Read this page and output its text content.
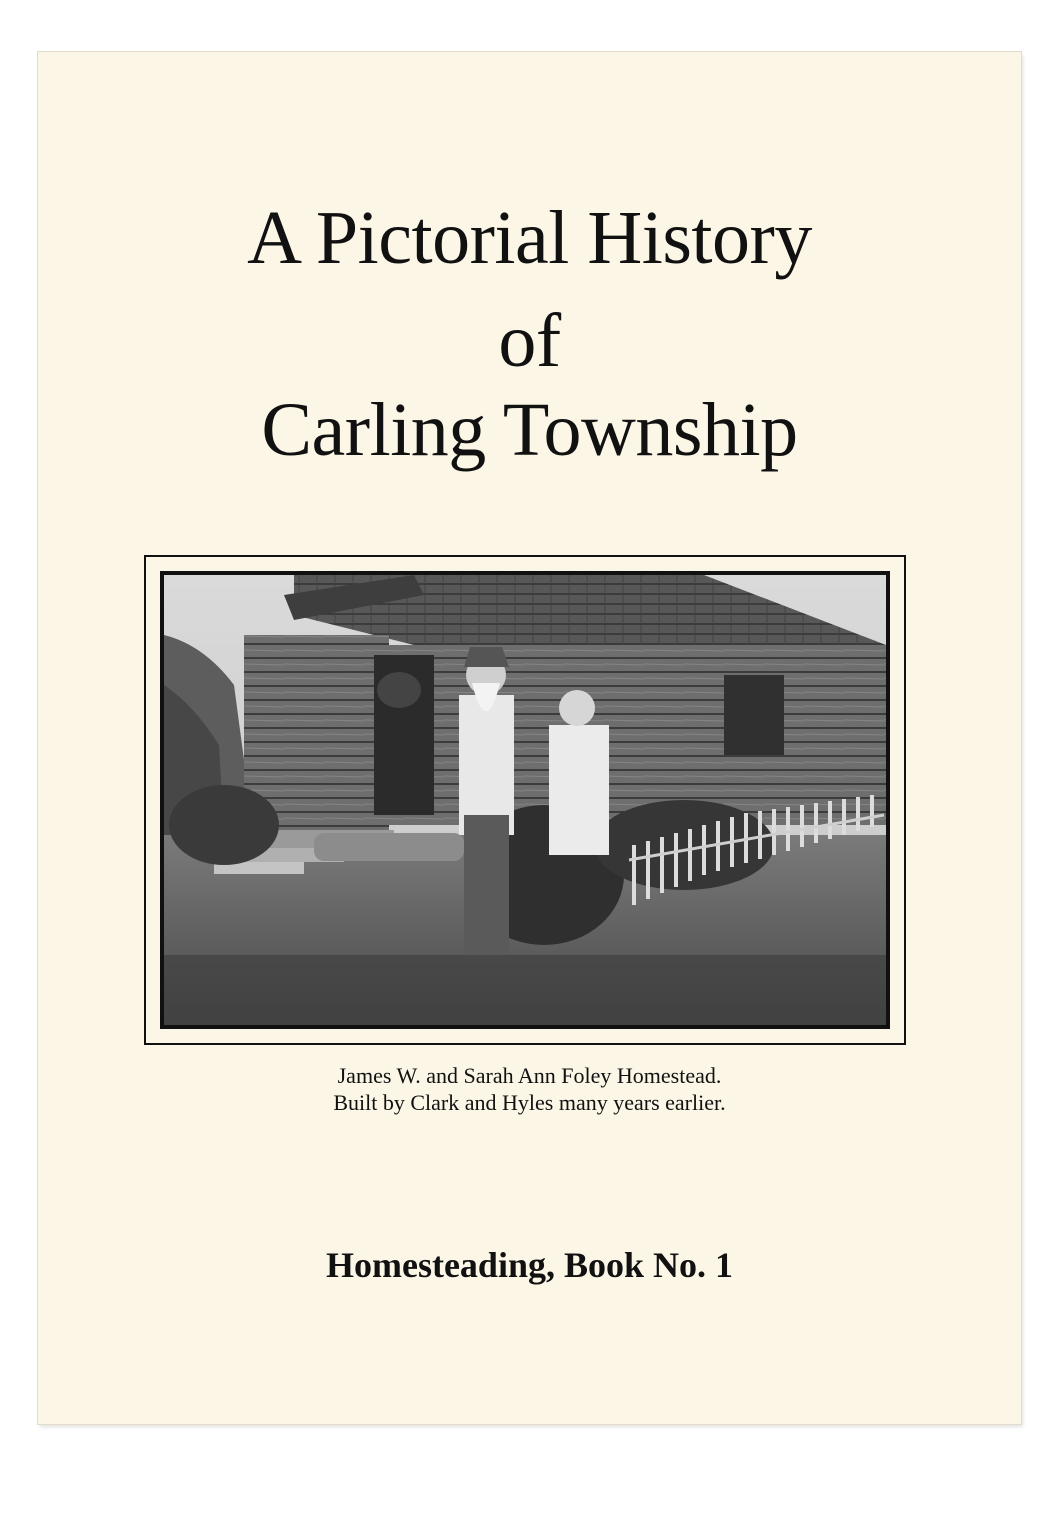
A Pictorial History
of
Carling Township
James W. and Sarah Ann Foley Homestead.
Built by Clark and Hyles many years earlier.
Homesteading, Book No. 1
